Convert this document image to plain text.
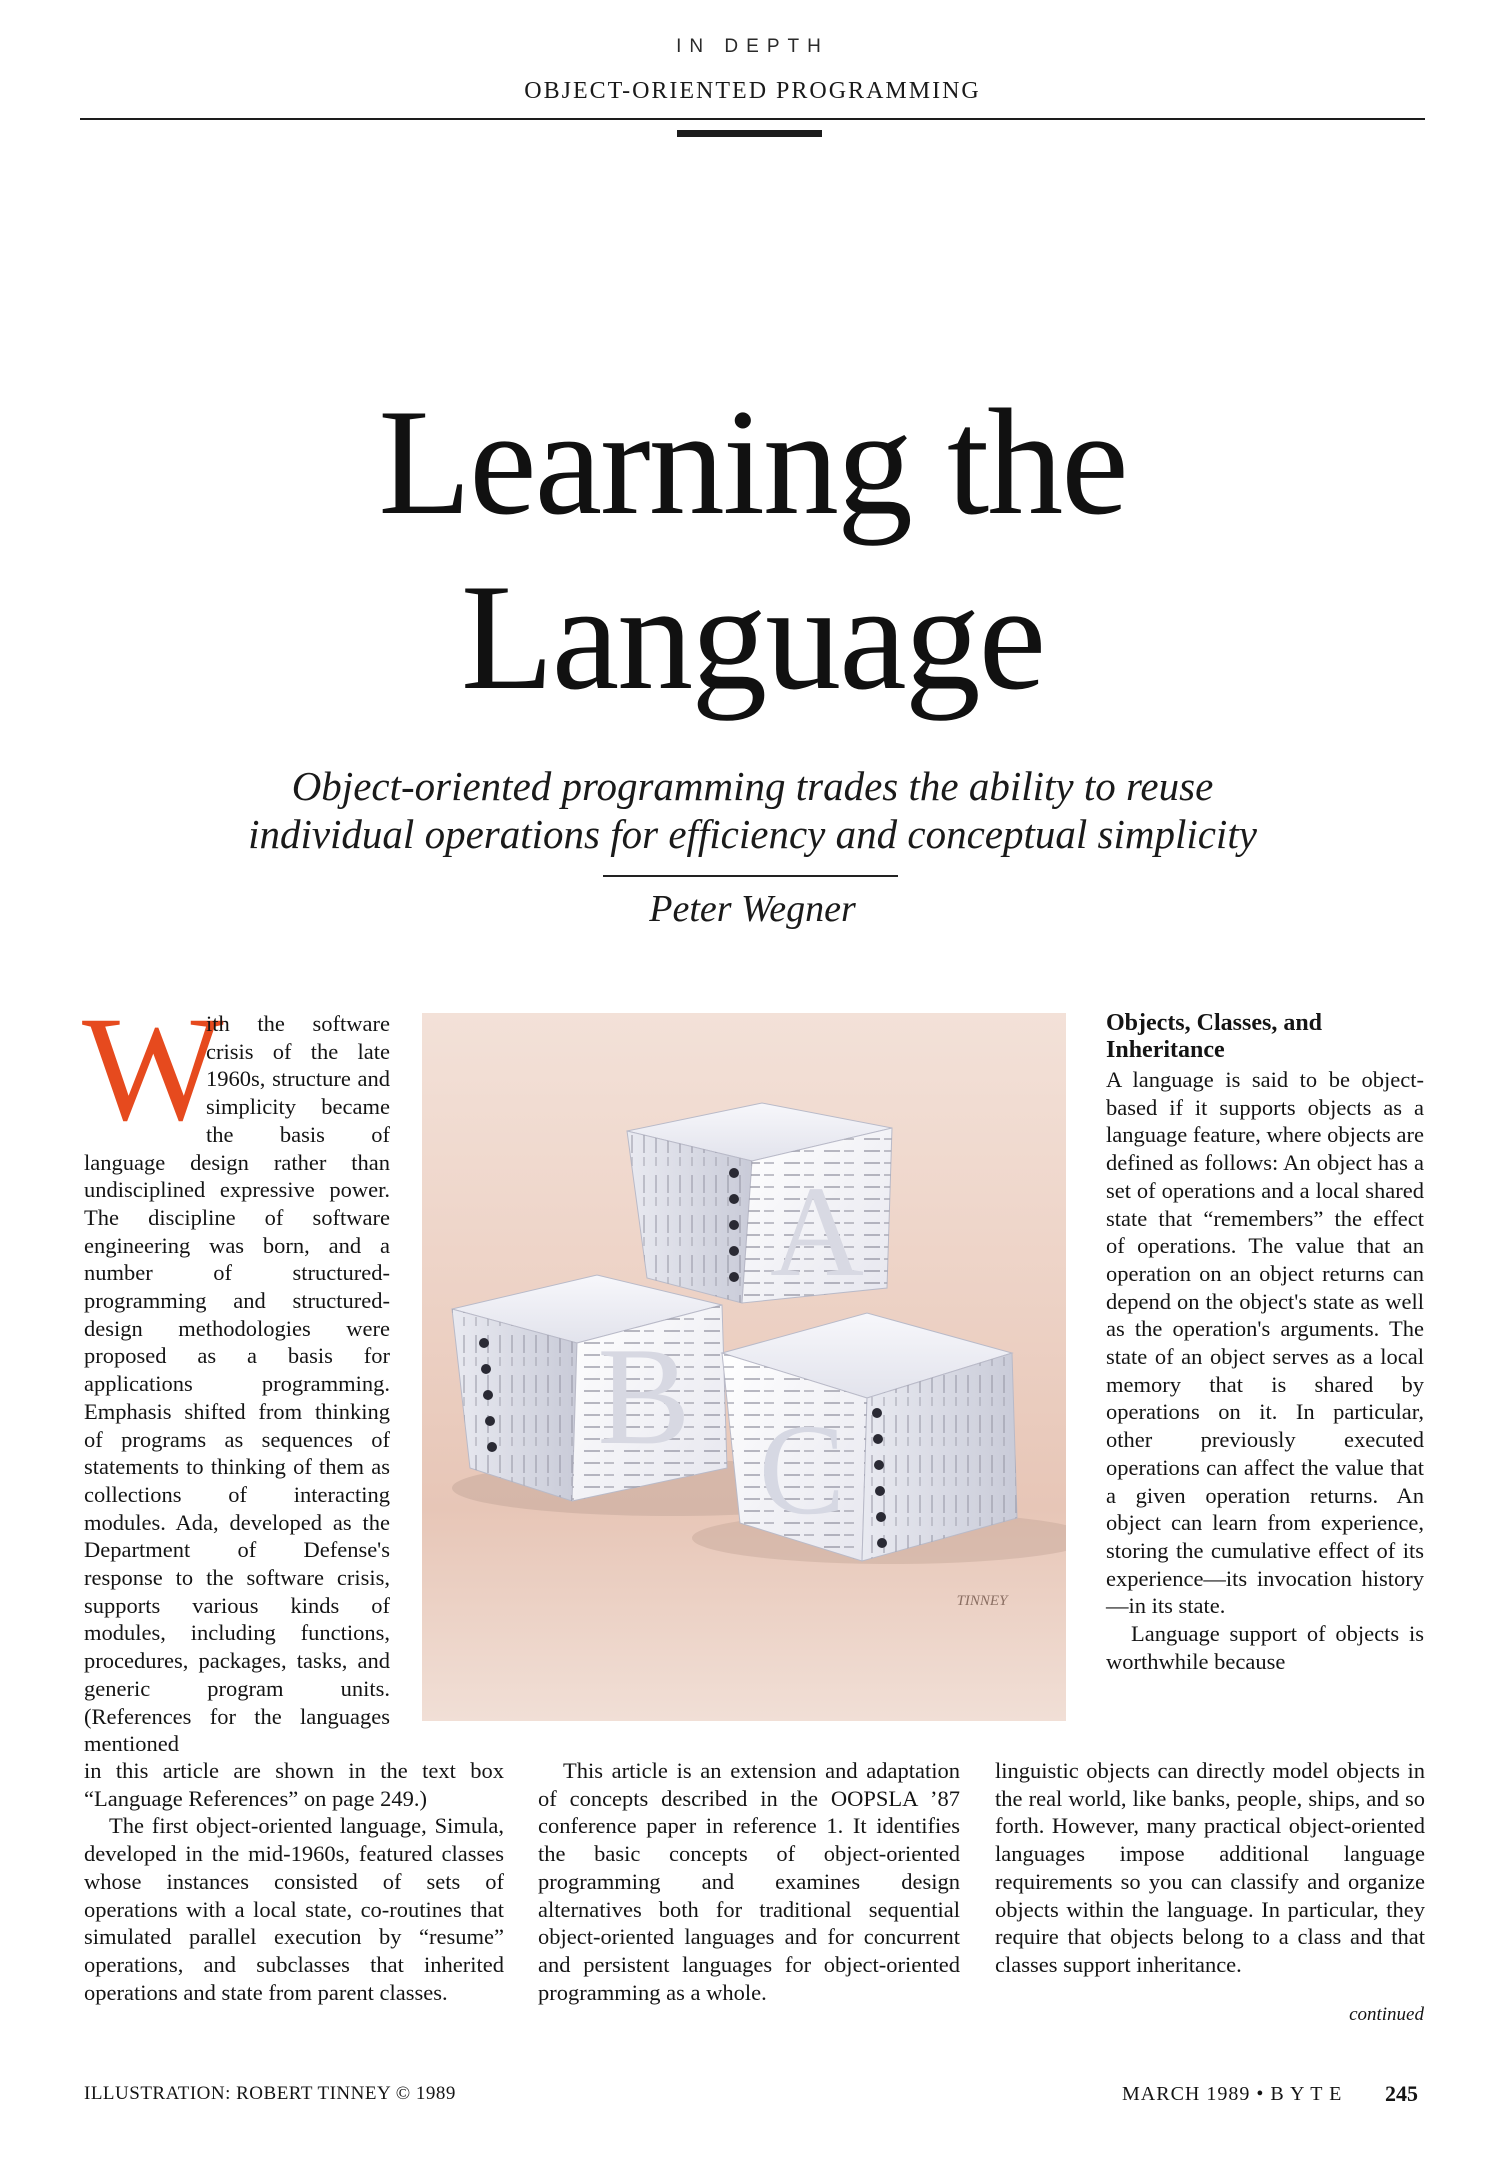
IN DEPTH
OBJECT-ORIENTED PROGRAMMING
Learning the
Language
Object-oriented programming trades the ability to reuse
individual operations for efficiency and conceptual simplicity
Peter Wegner

W
ith the software crisis of the late 1960s, structure and simplicity became the basis of language design rather than undisciplined expressive power. The discipline of software engineering was born, and a number of structured-programming and structured-design methodologies were proposed as a basis for applications programming. Emphasis shifted from thinking of programs as sequences of statements to thinking of them as collections of interacting modules. Ada, developed as the Department of Defense's response to the software crisis, supports various kinds of modules, including functions, procedures, packages, tasks, and generic program units. (References for the languages mentioned

in this article are shown in the text box “Language References” on page 249.)

The first object-oriented language, Simula, developed in the mid-1960s, featured classes whose instances consisted of sets of operations with a local state, co-routines that simulated parallel execution by “resume” operations, and subclasses that inherited operations and state from parent classes.

B C
A
TINNEY

This article is an extension and adaptation of concepts described in the OOPSLA ’87 conference paper in reference 1. It identifies the basic concepts of object-oriented programming and examines design alternatives both for traditional sequential object-oriented languages and for concurrent and persistent languages for object-oriented programming as a whole.

Objects, Classes, and Inheritance

A language is said to be object-based if it supports objects as a language feature, where objects are defined as follows: An object has a set of operations and a local shared state that “remembers” the effect of operations. The value that an operation on an object returns can depend on the object's state as well as the operation's arguments. The state of an object serves as a local memory that is shared by operations on it. In particular, other previously executed operations can affect the value that a given operation returns. An object can learn from experience, storing the cumulative effect of its experience—its invocation history—in its state.

Language support of objects is worthwhile because

linguistic objects can directly model objects in the real world, like banks, people, ships, and so forth. However, many practical object-oriented languages impose additional language requirements so you can classify and organize objects within the language. In particular, they require that objects belong to a class and that classes support inheritance.

continued
ILLUSTRATION: ROBERT TINNEY © 1989	MARCH 1989 • B Y T E 245
